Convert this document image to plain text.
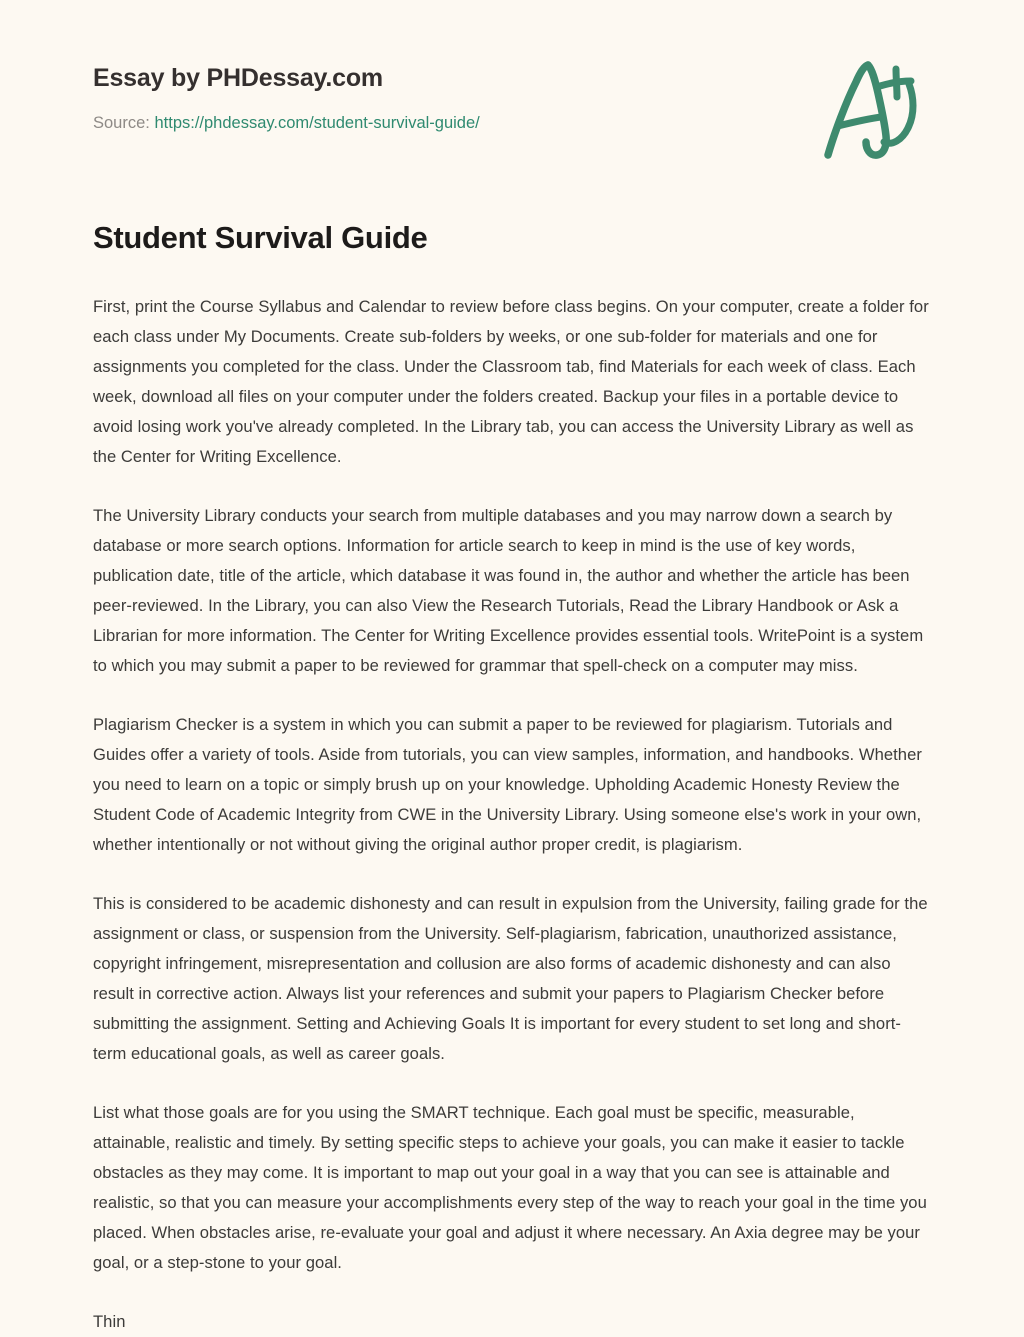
Essay by PHDessay.com
Source: https://phdessay.com/student-survival-guide/
Student Survival Guide

First, print the Course Syllabus and Calendar to review before class begins. On your computer, create a folder for each class under My Documents. Create sub-folders by weeks, or one sub-folder for materials and one for assignments you completed for the class. Under the Classroom tab, find Materials for each week of class. Each week, download all files on your computer under the folders created. Backup your files in a portable device to avoid losing work you've already completed. In the Library tab, you can access the University Library as well as the Center for Writing Excellence.

The University Library conducts your search from multiple databases and you may narrow down a search by database or more search options. Information for article search to keep in mind is the use of key words, publication date, title of the article, which database it was found in, the author and whether the article has been peer-reviewed. In the Library, you can also View the Research Tutorials, Read the Library Handbook or Ask a Librarian for more information. The Center for Writing Excellence provides essential tools. WritePoint is a system to which you may submit a paper to be reviewed for grammar that spell-check on a computer may miss.

Plagiarism Checker is a system in which you can submit a paper to be reviewed for plagiarism. Tutorials and Guides offer a variety of tools. Aside from tutorials, you can view samples, information, and handbooks. Whether you need to learn on a topic or simply brush up on your knowledge. Upholding Academic Honesty Review the Student Code of Academic Integrity from CWE in the University Library. Using someone else's work in your own, whether intentionally or not without giving the original author proper credit, is plagiarism.

This is considered to be academic dishonesty and can result in expulsion from the University, failing grade for the assignment or class, or suspension from the University. Self-plagiarism, fabrication, unauthorized assistance, copyright infringement, misrepresentation and collusion are also forms of academic dishonesty and can also result in corrective action. Always list your references and submit your papers to Plagiarism Checker before submitting the assignment. Setting and Achieving Goals It is important for every student to set long and short-term educational goals, as well as career goals.

List what those goals are for you using the SMART technique. Each goal must be specific, measurable, attainable, realistic and timely. By setting specific steps to achieve your goals, you can make it easier to tackle obstacles as they may come. It is important to map out your goal in a way that you can see is attainable and realistic, so that you can measure your accomplishments every step of the way to reach your goal in the time you placed. When obstacles arise, re-evaluate your goal and adjust it where necessary. An Axia degree may be your goal, or a step-stone to your goal.

Thin
